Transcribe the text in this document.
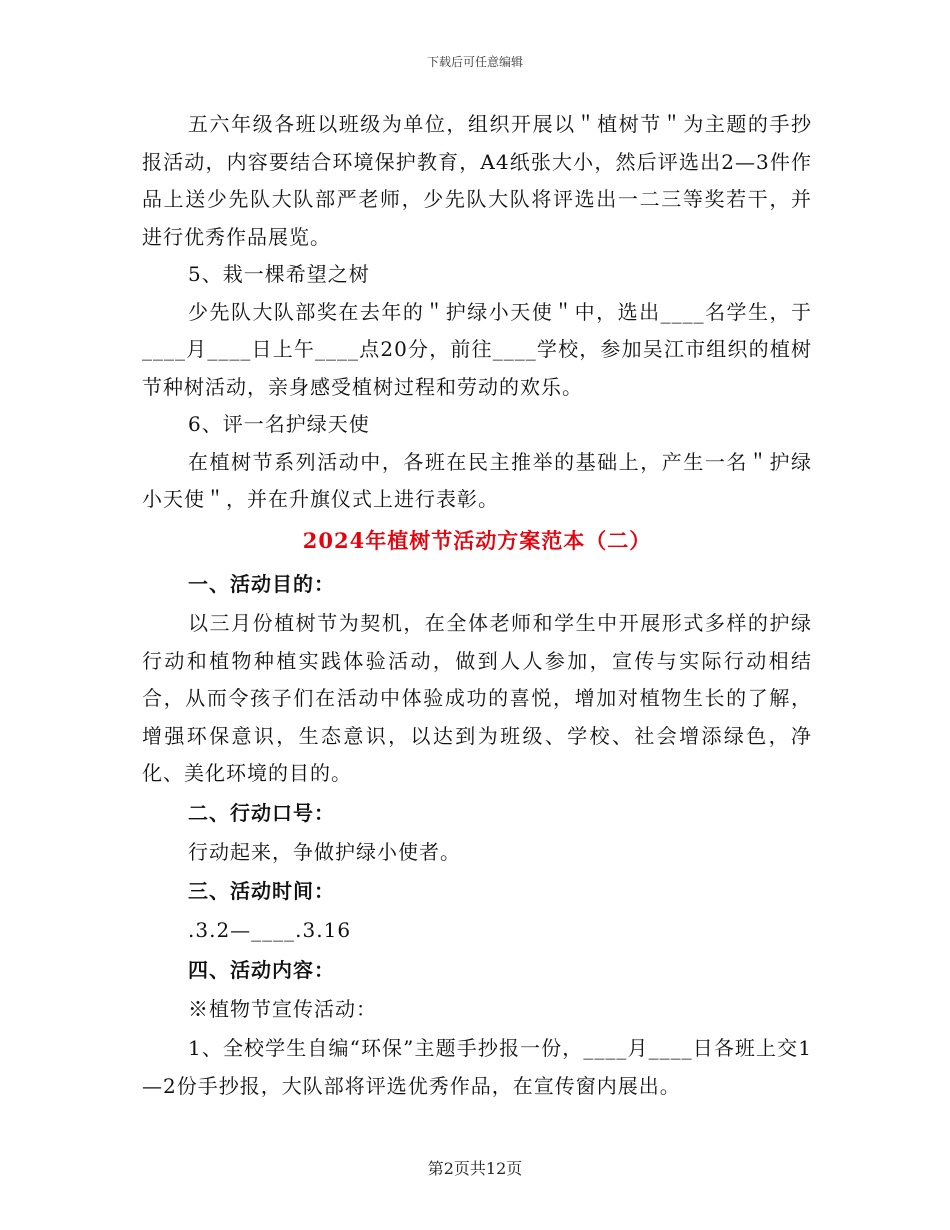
下载后可任意编辑

五六年级各班以班级为单位，组织开展以＂植树节＂为主题的手抄报活动，内容要结合环境保护教育，A4纸张大小，然后评选出2—3件作品上送少先队大队部严老师，少先队大队将评选出一二三等奖若干，并进行优秀作品展览。

5、栽一棵希望之树

少先队大队部奖在去年的＂护绿小天使＂中，选出____名学生，于____月____日上午____点20分，前往____学校，参加吴江市组织的植树节种树活动，亲身感受植树过程和劳动的欢乐。

6、评一名护绿天使

在植树节系列活动中，各班在民主推举的基础上，产生一名＂护绿小天使＂，并在升旗仪式上进行表彰。

2024年植树节活动方案范本（二）

一、活动目的：

以三月份植树节为契机，在全体老师和学生中开展形式多样的护绿行动和植物种植实践体验活动，做到人人参加，宣传与实际行动相结合，从而令孩子们在活动中体验成功的喜悦，增加对植物生长的了解，增强环保意识，生态意识，以达到为班级、学校、社会增添绿色，净化、美化环境的目的。

二、行动口号：

行动起来，争做护绿小使者。

三、活动时间：

.3.2—____.3.16

四、活动内容：

※植物节宣传活动：

1、全校学生自编“环保”主题手抄报一份，____月____日各班上交1—2份手抄报，大队部将评选优秀作品，在宣传窗内展出。

第2页共12页
